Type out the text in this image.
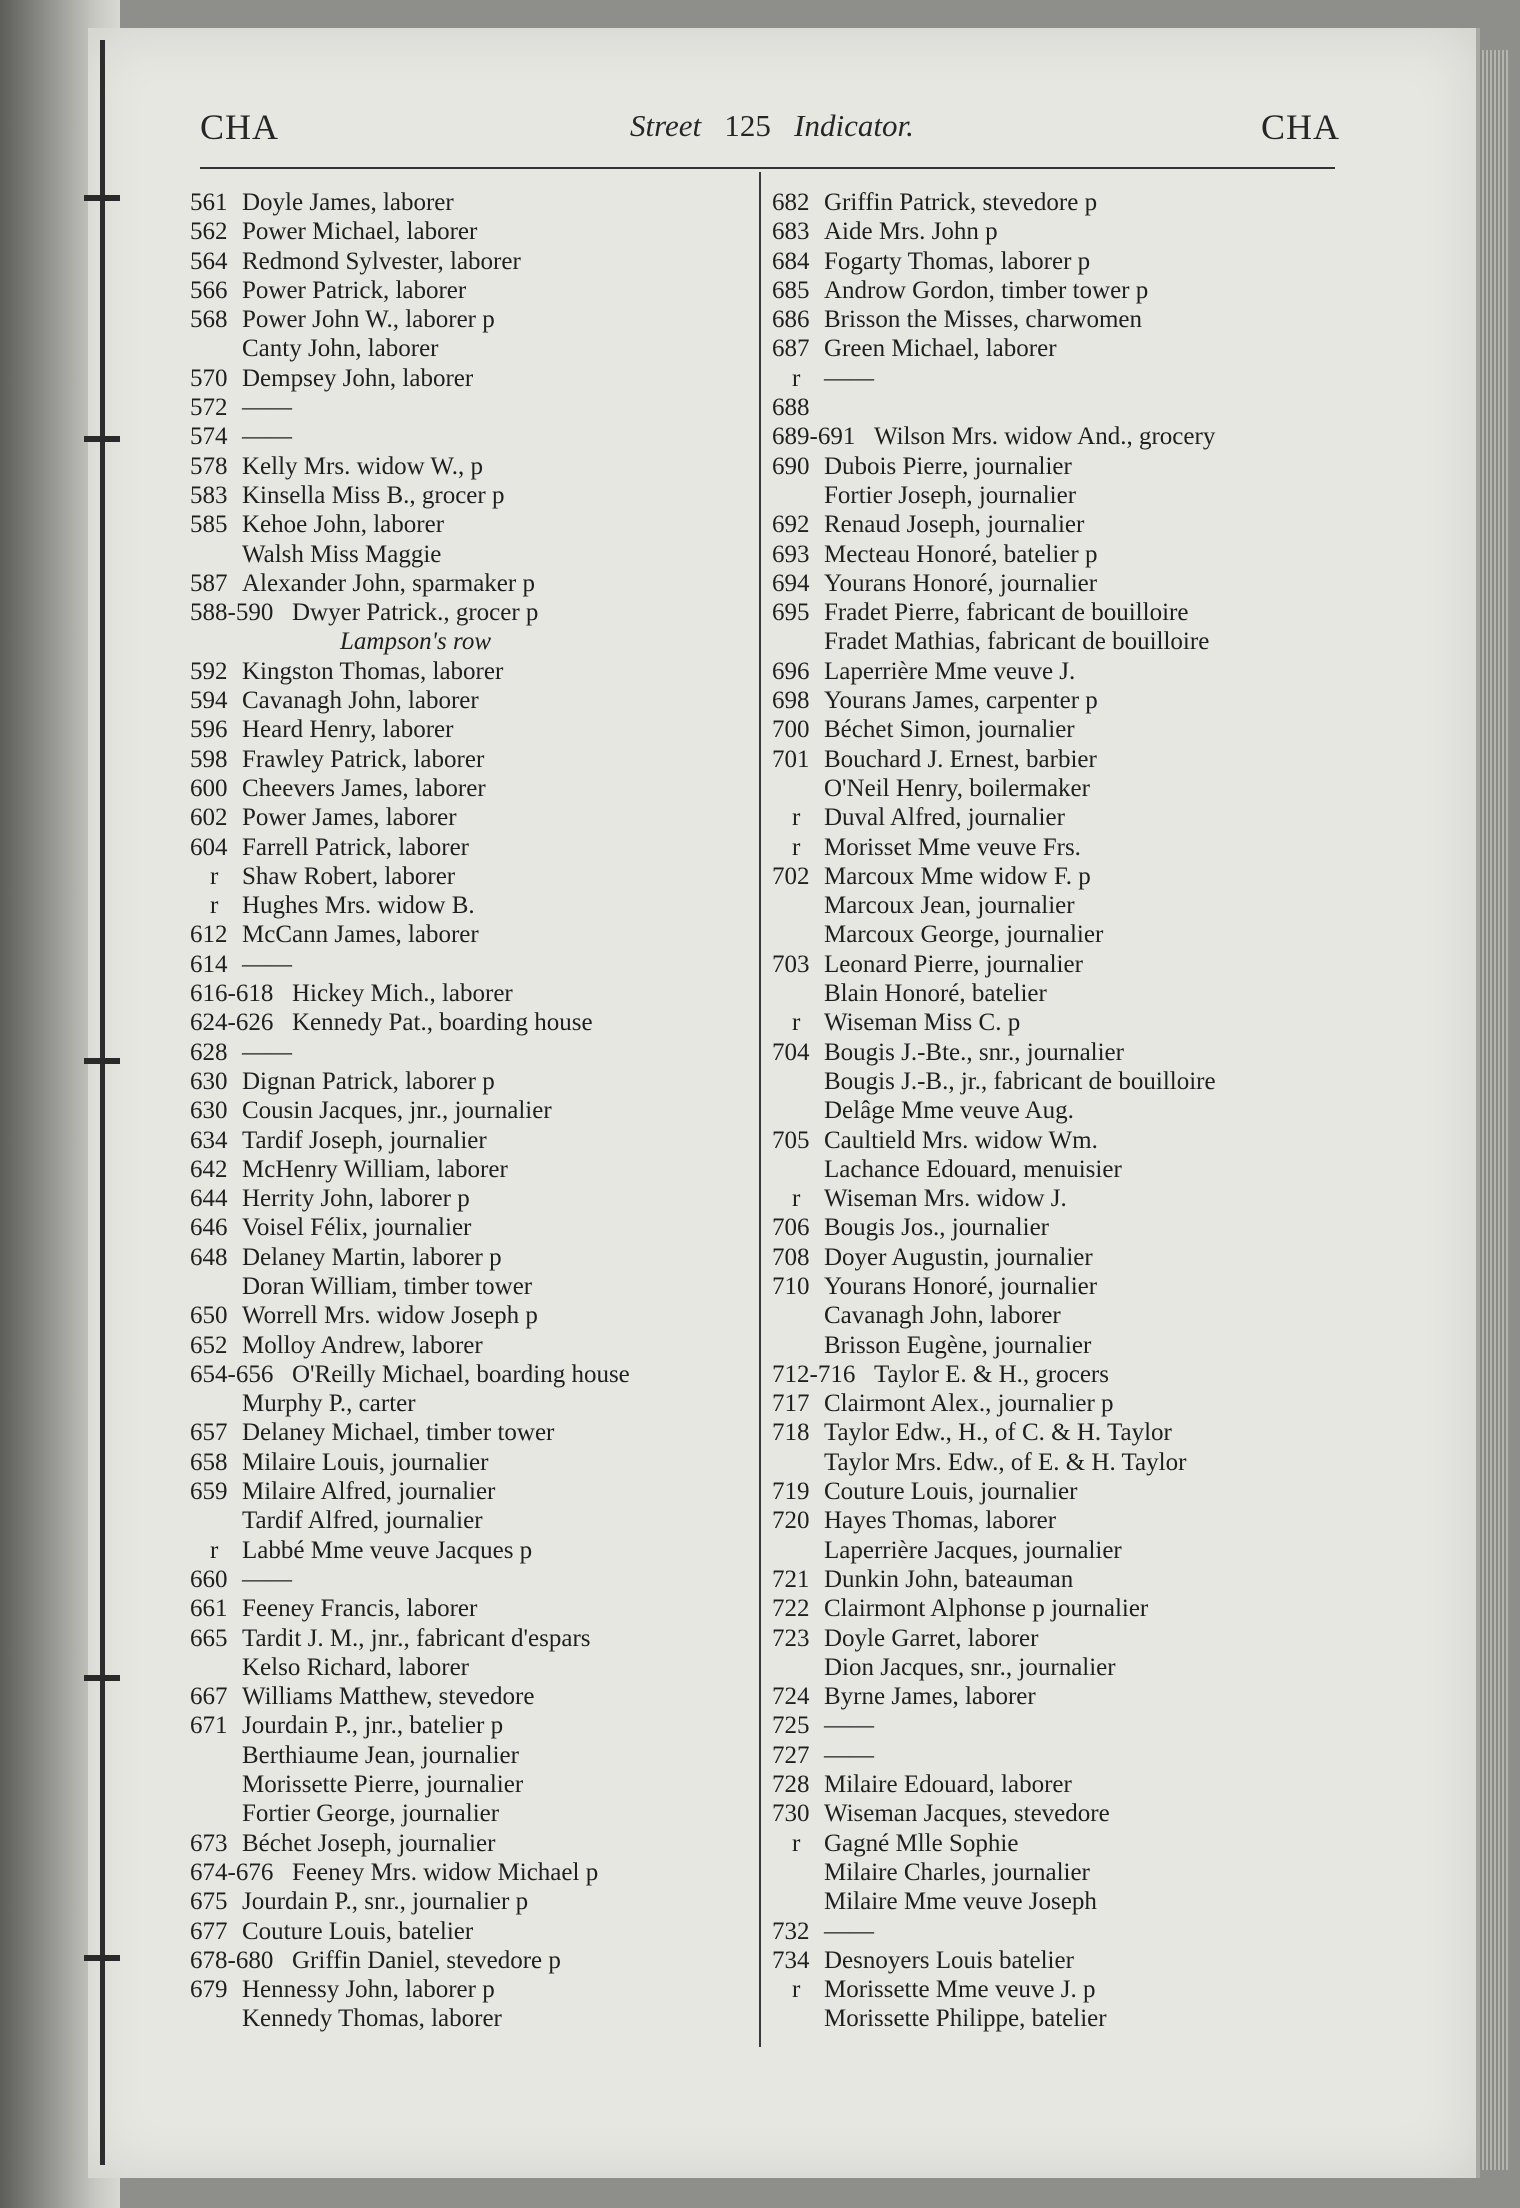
CHA	Street 125 Indicator.	CHA
561 Doyle James, laborer
562 Power Michael, laborer
564 Redmond Sylvester, laborer
566 Power Patrick, laborer
568 Power John W., laborer p
Canty John, laborer
570 Dempsey John, laborer
572 ——
574 ——
578 Kelly Mrs. widow W., p
583 Kinsella Miss B., grocer p
585 Kehoe John, laborer
Walsh Miss Maggie
587 Alexander John, sparmaker p
588-590 Dwyer Patrick., grocer p
Lampson's row
592 Kingston Thomas, laborer
594 Cavanagh John, laborer
596 Heard Henry, laborer
598 Frawley Patrick, laborer
600 Cheevers James, laborer
602 Power James, laborer
604 Farrell Patrick, laborer
r Shaw Robert, laborer
r Hughes Mrs. widow B.
612 McCann James, laborer
614 ——
616-618 Hickey Mich., laborer
624-626 Kennedy Pat., boarding house
628 ——
630 Dignan Patrick, laborer p
630 Cousin Jacques, jnr., journalier
634 Tardif Joseph, journalier
642 McHenry William, laborer
644 Herrity John, laborer p
646 Voisel Félix, journalier
648 Delaney Martin, laborer p
Doran William, timber tower
650 Worrell Mrs. widow Joseph p
652 Molloy Andrew, laborer
654-656 O'Reilly Michael, boarding house
Murphy P., carter
657 Delaney Michael, timber tower
658 Milaire Louis, journalier
659 Milaire Alfred, journalier
Tardif Alfred, journalier
r Labbé Mme veuve Jacques p
660 ——
661 Feeney Francis, laborer
665 Tardit J. M., jnr., fabricant d'espars
Kelso Richard, laborer
667 Williams Matthew, stevedore
671 Jourdain P., jnr., batelier p
Berthiaume Jean, journalier
Morissette Pierre, journalier
Fortier George, journalier
673 Béchet Joseph, journalier
674-676 Feeney Mrs. widow Michael p
675 Jourdain P., snr., journalier p
677 Couture Louis, batelier
678-680 Griffin Daniel, stevedore p
679 Hennessy John, laborer p
Kennedy Thomas, laborer
682 Griffin Patrick, stevedore p
683 Aide Mrs. John p
684 Fogarty Thomas, laborer p
685 Androw Gordon, timber tower p
686 Brisson the Misses, charwomen
687 Green Michael, laborer
r ——
688
689-691 Wilson Mrs. widow And., grocery
690 Dubois Pierre, journalier
Fortier Joseph, journalier
692 Renaud Joseph, journalier
693 Mecteau Honoré, batelier p
694 Yourans Honoré, journalier
695 Fradet Pierre, fabricant de bouilloire
Fradet Mathias, fabricant de bouilloire
696 Laperrière Mme veuve J.
698 Yourans James, carpenter p
700 Béchet Simon, journalier
701 Bouchard J. Ernest, barbier
O'Neil Henry, boilermaker
r Duval Alfred, journalier
r Morisset Mme veuve Frs.
702 Marcoux Mme widow F. p
Marcoux Jean, journalier
Marcoux George, journalier
703 Leonard Pierre, journalier
Blain Honoré, batelier
r Wiseman Miss C. p
704 Bougis J.-Bte., snr., journalier
Bougis J.-B., jr., fabricant de bouilloire
Delâge Mme veuve Aug.
705 Caultield Mrs. widow Wm.
Lachance Edouard, menuisier
r Wiseman Mrs. widow J.
706 Bougis Jos., journalier
708 Doyer Augustin, journalier
710 Yourans Honoré, journalier
Cavanagh John, laborer
Brisson Eugène, journalier
712-716 Taylor E. & H., grocers
717 Clairmont Alex., journalier p
718 Taylor Edw., H., of C. & H. Taylor
Taylor Mrs. Edw., of E. & H. Taylor
719 Couture Louis, journalier
720 Hayes Thomas, laborer
Laperrière Jacques, journalier
721 Dunkin John, bateauman
722 Clairmont Alphonse p journalier
723 Doyle Garret, laborer
Dion Jacques, snr., journalier
724 Byrne James, laborer
725 ——
727 ——
728 Milaire Edouard, laborer
730 Wiseman Jacques, stevedore
r Gagné Mlle Sophie
Milaire Charles, journalier
Milaire Mme veuve Joseph
732 ——
734 Desnoyers Louis batelier
r Morissette Mme veuve J. p
Morissette Philippe, batelier
